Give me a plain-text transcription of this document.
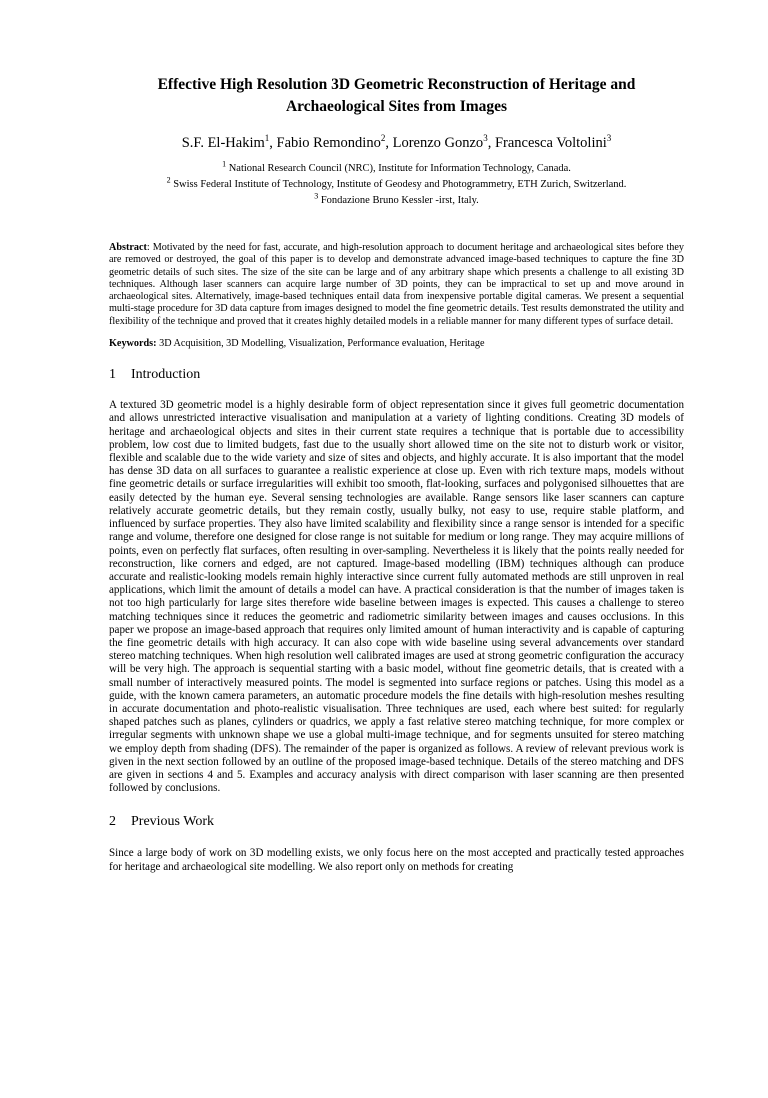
Effective High Resolution 3D Geometric Reconstruction of Heritage and
Archaeological Sites from Images
S.F. El-Hakim$^1$, Fabio Remondino$^2$, Lorenzo Gonzo$^3$, Francesca Voltolini$^3$
$^1$ National Research Council (NRC), Institute for Information Technology, Canada.
$^2$ Swiss Federal Institute of Technology, Institute of Geodesy and Photogrammetry, ETH Zurich, Switzerland.
$^3$ Fondazione Bruno Kessler -irst, Italy.

Abstract: Motivated by the need for fast, accurate, and high-resolution approach to document heritage and archaeological sites before they are removed or destroyed, the goal of this paper is to develop and demonstrate advanced image-based techniques to capture the fine 3D geometric details of such sites. The size of the site can be large and of any arbitrary shape which presents a challenge to all existing 3D techniques. Although laser scanners can acquire large number of 3D points, they can be impractical to set up and move around in archaeological sites. Alternatively, image-based techniques entail data from inexpensive portable digital cameras. We present a sequential multi-stage procedure for 3D data capture from images designed to model the fine geometric details. Test results demonstrated the utility and flexibility of the technique and proved that it creates highly detailed models in a reliable manner for many different types of surface detail.

Keywords: 3D Acquisition, 3D Modelling, Visualization, Performance evaluation, Heritage

1 Introduction

A textured 3D geometric model is a highly desirable form of object representation since it gives full geometric documentation and allows unrestricted interactive visualisation and manipulation at a variety of lighting conditions. Creating 3D models of heritage and archaeological objects and sites in their current state requires a technique that is portable due to accessibility problem, low cost due to limited budgets, fast due to the usually short allowed time on the site not to disturb work or visitor, flexible and scalable due to the wide variety and size of sites and objects, and highly accurate. It is also important that the model has dense 3D data on all surfaces to guarantee a realistic experience at close up. Even with rich texture maps, models without fine geometric details or surface irregularities will exhibit too smooth, flat-looking, surfaces and polygonised silhouettes that are easily detected by the human eye. Several sensing technologies are available. Range sensors like laser scanners can capture relatively accurate geometric details, but they remain costly, usually bulky, not easy to use, require stable platform, and influenced by surface properties. They also have limited scalability and flexibility since a range sensor is intended for a specific range and volume, therefore one designed for close range is not suitable for medium or long range. They may acquire millions of points, even on perfectly flat surfaces, often resulting in over-sampling. Nevertheless it is likely that the points really needed for reconstruction, like corners and edged, are not captured. Image-based modelling (IBM) techniques although can produce accurate and realistic-looking models remain highly interactive since current fully automated methods are still unproven in real applications, which limit the amount of details a model can have. A practical consideration is that the number of images taken is not too high particularly for large sites therefore wide baseline between images is expected. This causes a challenge to stereo matching techniques since it reduces the geometric and radiometric similarity between images and causes occlusions. In this paper we propose an image-based approach that requires only limited amount of human interactivity and is capable of capturing the fine geometric details with high accuracy. It can also cope with wide baseline using several advancements over standard stereo matching techniques. When high resolution well calibrated images are used at strong geometric configuration the accuracy will be very high. The approach is sequential starting with a basic model, without fine geometric details, that is created with a small number of interactively measured points. The model is segmented into surface regions or patches. Using this model as a guide, with the known camera parameters, an automatic procedure models the fine details with high-resolution meshes resulting in accurate documentation and photo-realistic visualisation. Three techniques are used, each where best suited: for regularly shaped patches such as planes, cylinders or quadrics, we apply a fast relative stereo matching technique, for more complex or irregular segments with unknown shape we use a global multi-image technique, and for segments unsuited for stereo matching we employ depth from shading (DFS). The remainder of the paper is organized as follows. A review of relevant previous work is given in the next section followed by an outline of the proposed image-based technique. Details of the stereo matching and DFS are given in sections 4 and 5. Examples and accuracy analysis with direct comparison with laser scanning are then presented followed by conclusions.

2 Previous Work

Since a large body of work on 3D modelling exists, we only focus here on the most accepted and practically tested approaches for heritage and archaeological site modelling. We also report only on methods for creating
